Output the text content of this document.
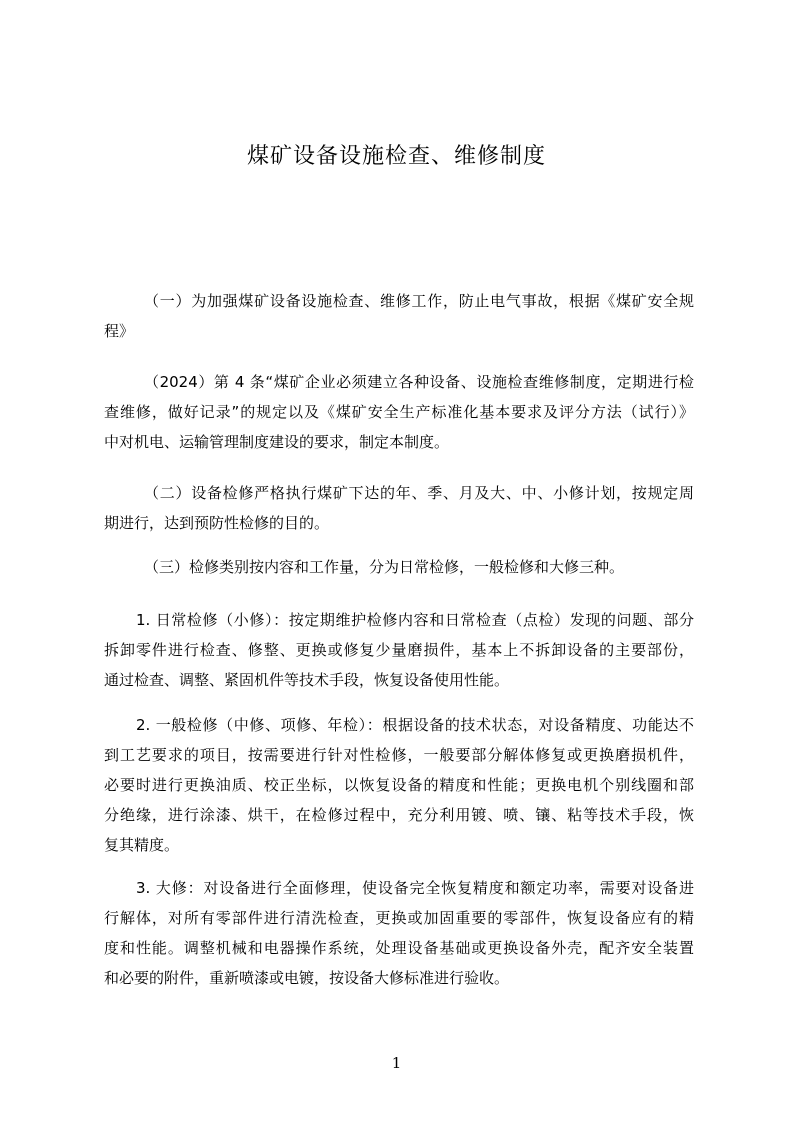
煤矿设备设施检查、维修制度
（一）为加强煤矿设备设施检查、维修工作，防止电气事故，根据《煤矿安全规
程》
（2024）第 4 条“煤矿企业必须建立各种设备、设施检查维修制度，定期进行检
查维修，做好记录”的规定以及《煤矿安全生产标准化基本要求及评分方法（试行）》
中对机电、运输管理制度建设的要求，制定本制度。
（二）设备检修严格执行煤矿下达的年、季、月及大、中、小修计划，按规定周
期进行，达到预防性检修的目的。
（三）检修类别按内容和工作量，分为日常检修，一般检修和大修三种。
1. 日常检修（小修）：按定期维护检修内容和日常检查（点检）发现的问题、部分
拆卸零件进行检查、修整、更换或修复少量磨损件，基本上不拆卸设备的主要部份，
通过检查、调整、紧固机件等技术手段，恢复设备使用性能。
2. 一般检修（中修、项修、年检）：根据设备的技术状态，对设备精度、功能达不
到工艺要求的项目，按需要进行针对性检修，一般要部分解体修复或更换磨损机件，
必要时进行更换油质、校正坐标，以恢复设备的精度和性能；更换电机个别线圈和部
分绝缘，进行涂漆、烘干，在检修过程中，充分利用镀、喷、镶、粘等技术手段，恢
复其精度。
3. 大修：对设备进行全面修理，使设备完全恢复精度和额定功率，需要对设备进
行解体，对所有零部件进行清洗检查，更换或加固重要的零部件，恢复设备应有的精
度和性能。调整机械和电器操作系统，处理设备基础或更换设备外壳，配齐安全装置
和必要的附件，重新喷漆或电镀，按设备大修标准进行验收。
1
